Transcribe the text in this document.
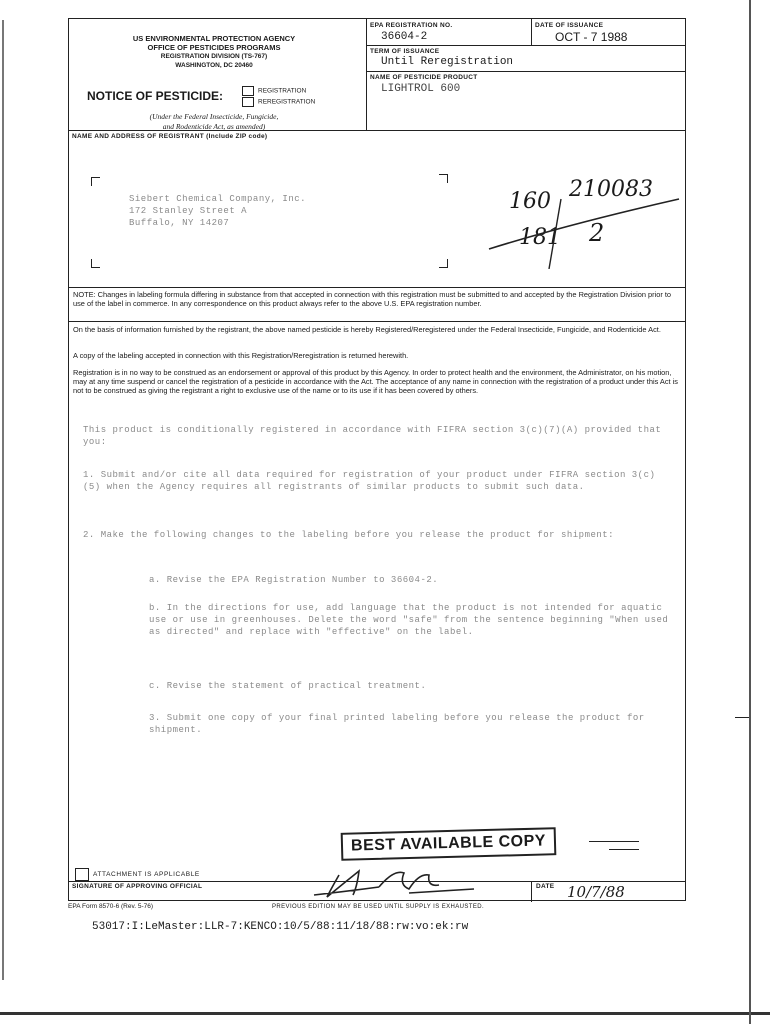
US ENVIRONMENTAL PROTECTION AGENCY
OFFICE OF PESTICIDES PROGRAMS
REGISTRATION DIVISION (TS-767)
WASHINGTON, DC 20460
NOTICE OF PESTICIDE:	REGISTRATION
REREGISTRATION
(Under the Federal Insecticide, Fungicide,
and Rodenticide Act, as amended)
EPA REGISTRATION NO.
36604-2
DATE OF ISSUANCE
OCT - 7 1988
TERM OF ISSUANCE
Until Reregistration
NAME OF PESTICIDE PRODUCT
LIGHTROL 600
NAME AND ADDRESS OF REGISTRANT (Include ZIP code)
Siebert Chemical Company, Inc.
172 Stanley Street A
Buffalo, NY 14207
160 210083
181 2
NOTE: Changes in labeling formula differing in substance from that accepted in connection with this registration must be submitted to and accepted by the Registration Division prior to use of the label in commerce. In any correspondence on this product always refer to the above U.S. EPA registration number.
On the basis of information furnished by the registrant, the above named pesticide is hereby Registered/Reregistered under the Federal Insecticide, Fungicide, and Rodenticide Act.
A copy of the labeling accepted in connection with this Registration/Reregistration is returned herewith.
Registration is in no way to be construed as an endorsement or approval of this product by this Agency. In order to protect health and the environment, the Administrator, on his motion, may at any time suspend or cancel the registration of a pesticide in accordance with the Act. The acceptance of any name in connection with the registration of a product under this Act is not to be construed as giving the registrant a right to exclusive use of the name or to its use if it has been covered by others.
This product is conditionally registered in accordance with FIFRA section 3(c)(7)(A) provided that you:
1. Submit and/or cite all data required for registration of your product under FIFRA section 3(c)(5) when the Agency requires all registrants of similar products to submit such data.
2. Make the following changes to the labeling before you release the product for shipment:
a. Revise the EPA Registration Number to 36604-2.
b. In the directions for use, add language that the product is not intended for aquatic use or use in greenhouses. Delete the word "safe" from the sentence beginning "When used as directed" and replace with "effective" on the label.
c. Revise the statement of practical treatment.
3. Submit one copy of your final printed labeling before you release the product for shipment.
BEST AVAILABLE COPY
ATTACHMENT IS APPLICABLE
SIGNATURE OF APPROVING OFFICIAL	DATE 10/7/88
EPA Form 8570-6 (Rev. 5-76)	PREVIOUS EDITION MAY BE USED UNTIL SUPPLY IS EXHAUSTED.
53017:I:LeMaster:LLR-7:KENCO:10/5/88:11/18/88:rw:vo:ek:rw
